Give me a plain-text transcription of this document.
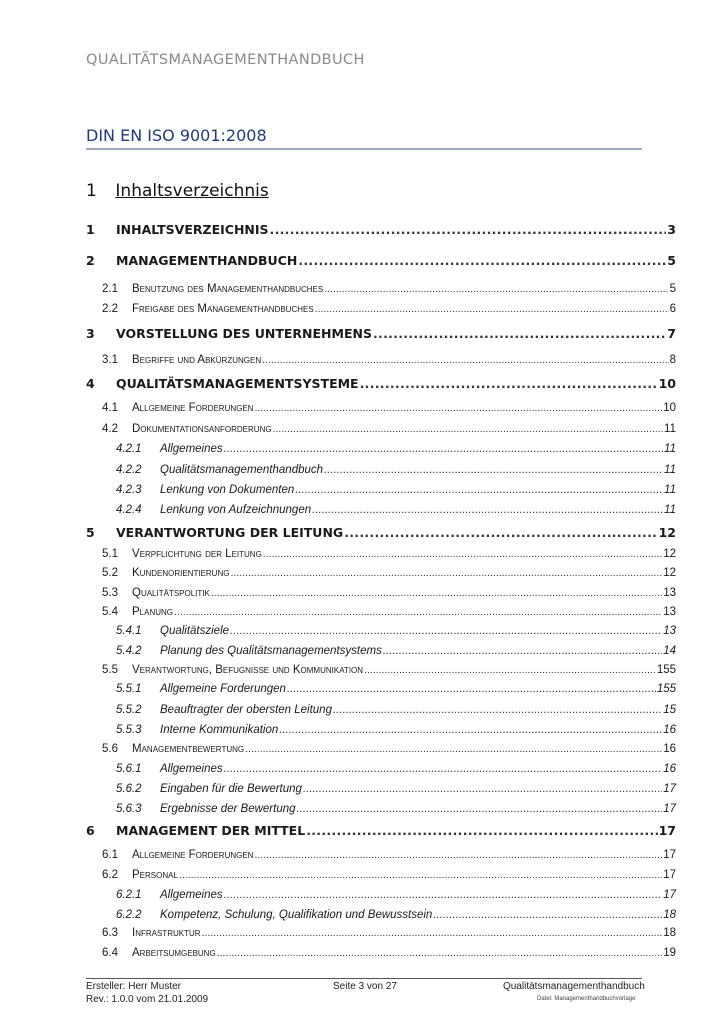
QUALITÄTSMANAGEMENTHANDBUCH
DIN EN ISO 9001:2008
1 Inhaltsverzeichnis
1	INHALTSVERZEICHNIS .....	3
2	MANAGEMENTHANDBUCH .....	5
2.1	Benutzung des Managementhandbuches .....	5
2.2	Freigabe des Managementhandbuches .....	6
3	VORSTELLUNG DES UNTERNEHMENS .....	7
3.1	Begriffe und Abkürzungen .....	8
4	QUALITÄTSMANAGEMENTSYSTEME .....	10
4.1	Allgemeine Forderungen .....	10
4.2	Dokumentationsanforderung .....	11
4.2.1	Allgemeines .....	11
4.2.2	Qualitätsmanagementhandbuch .....	11
4.2.3	Lenkung von Dokumenten .....	11
4.2.4	Lenkung von Aufzeichnungen .....	11
5	VERANTWORTUNG DER LEITUNG .....	12
5.1	Verpflichtung der Leitung .....	12
5.2	Kundenorientierung .....	12
5.3	Qualitätspolitik .....	13
5.4	Planung .....	13
5.4.1	Qualitätsziele .....	13
5.4.2	Planung des Qualitätsmanagementsystems .....	14
5.5	Verantwortung, Befugnisse und Kommunikation .....	155
5.5.1	Allgemeine Forderungen .....	155
5.5.2	Beauftragter der obersten Leitung .....	15
5.5.3	Interne Kommunikation .....	16
5.6	Managementbewertung .....	16
5.6.1	Allgemeines .....	16
5.6.2	Eingaben für die Bewertung .....	17
5.6.3	Ergebnisse der Bewertung .....	17
6	MANAGEMENT DER MITTEL .....	17
6.1	Allgemeine Forderungen .....	17
6.2	Personal .....	17
6.2.1	Allgemeines .....	17
6.2.2	Kompetenz, Schulung, Qualifikation und Bewusstsein .....	18
6.3	Infrastruktur .....	18
6.4	Arbeitsumgebung .....	19
Ersteller: Herr Muster
Rev.: 1.0.0 vom 21.01.2009
Seite 3 von 27	Qualitätsmanagementhandbuch
Datei: Managementhandbuchvorlage
